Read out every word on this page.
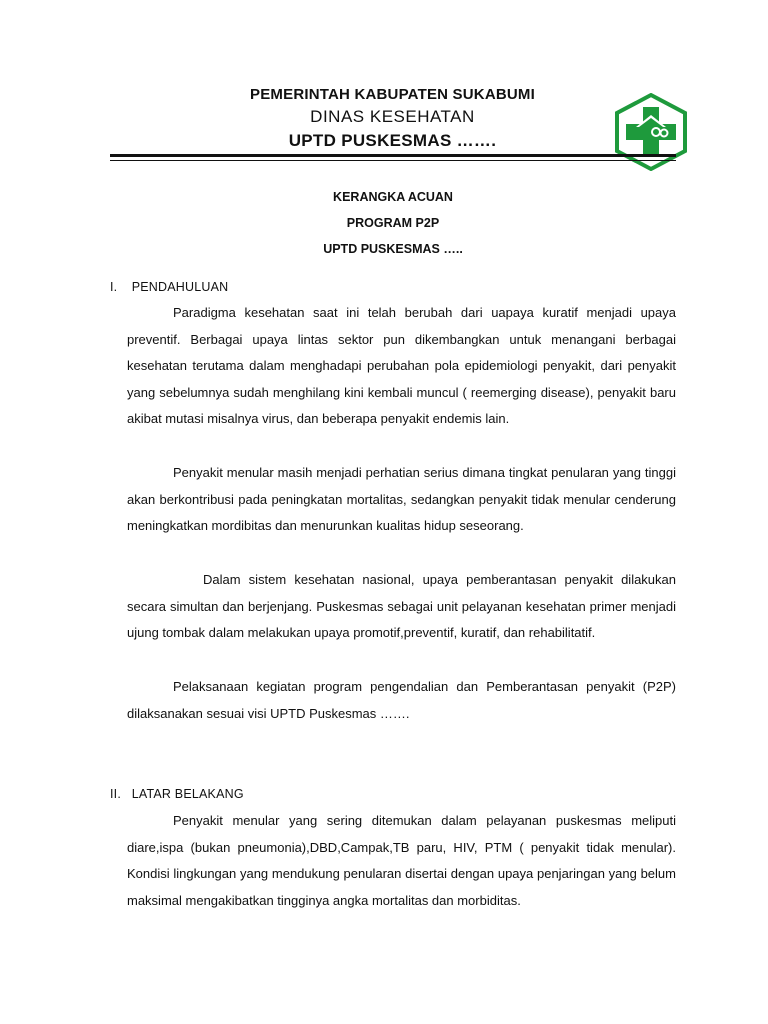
PEMERINTAH KABUPATEN SUKABUMI
DINAS KESEHATAN
UPTD PUSKESMAS …….
KERANGKA ACUAN
PROGRAM P2P
UPTD PUSKESMAS …..
I. PENDAHULUAN
Paradigma kesehatan saat ini telah berubah dari uapaya kuratif menjadi upaya preventif. Berbagai upaya lintas sektor pun dikembangkan untuk menangani berbagai kesehatan terutama dalam menghadapi perubahan pola epidemiologi penyakit, dari penyakit yang sebelumnya sudah menghilang kini kembali muncul ( reemerging disease), penyakit baru akibat mutasi misalnya virus, dan beberapa penyakit endemis lain.
Penyakit menular masih menjadi perhatian serius dimana tingkat penularan yang tinggi akan berkontribusi pada peningkatan mortalitas, sedangkan penyakit tidak menular cenderung meningkatkan mordibitas dan menurunkan kualitas hidup seseorang.
Dalam sistem kesehatan nasional, upaya pemberantasan penyakit dilakukan secara simultan dan berjenjang. Puskesmas sebagai unit pelayanan kesehatan primer menjadi ujung tombak dalam melakukan upaya promotif,preventif, kuratif, dan rehabilitatif.
Pelaksanaan kegiatan program pengendalian dan Pemberantasan penyakit (P2P) dilaksanakan sesuai visi UPTD Puskesmas …….
II. LATAR BELAKANG
Penyakit menular yang sering ditemukan dalam pelayanan puskesmas meliputi diare,ispa (bukan pneumonia),DBD,Campak,TB paru, HIV, PTM ( penyakit tidak menular). Kondisi lingkungan yang mendukung penularan disertai dengan upaya penjaringan yang belum maksimal mengakibatkan tingginya angka mortalitas dan morbiditas.
